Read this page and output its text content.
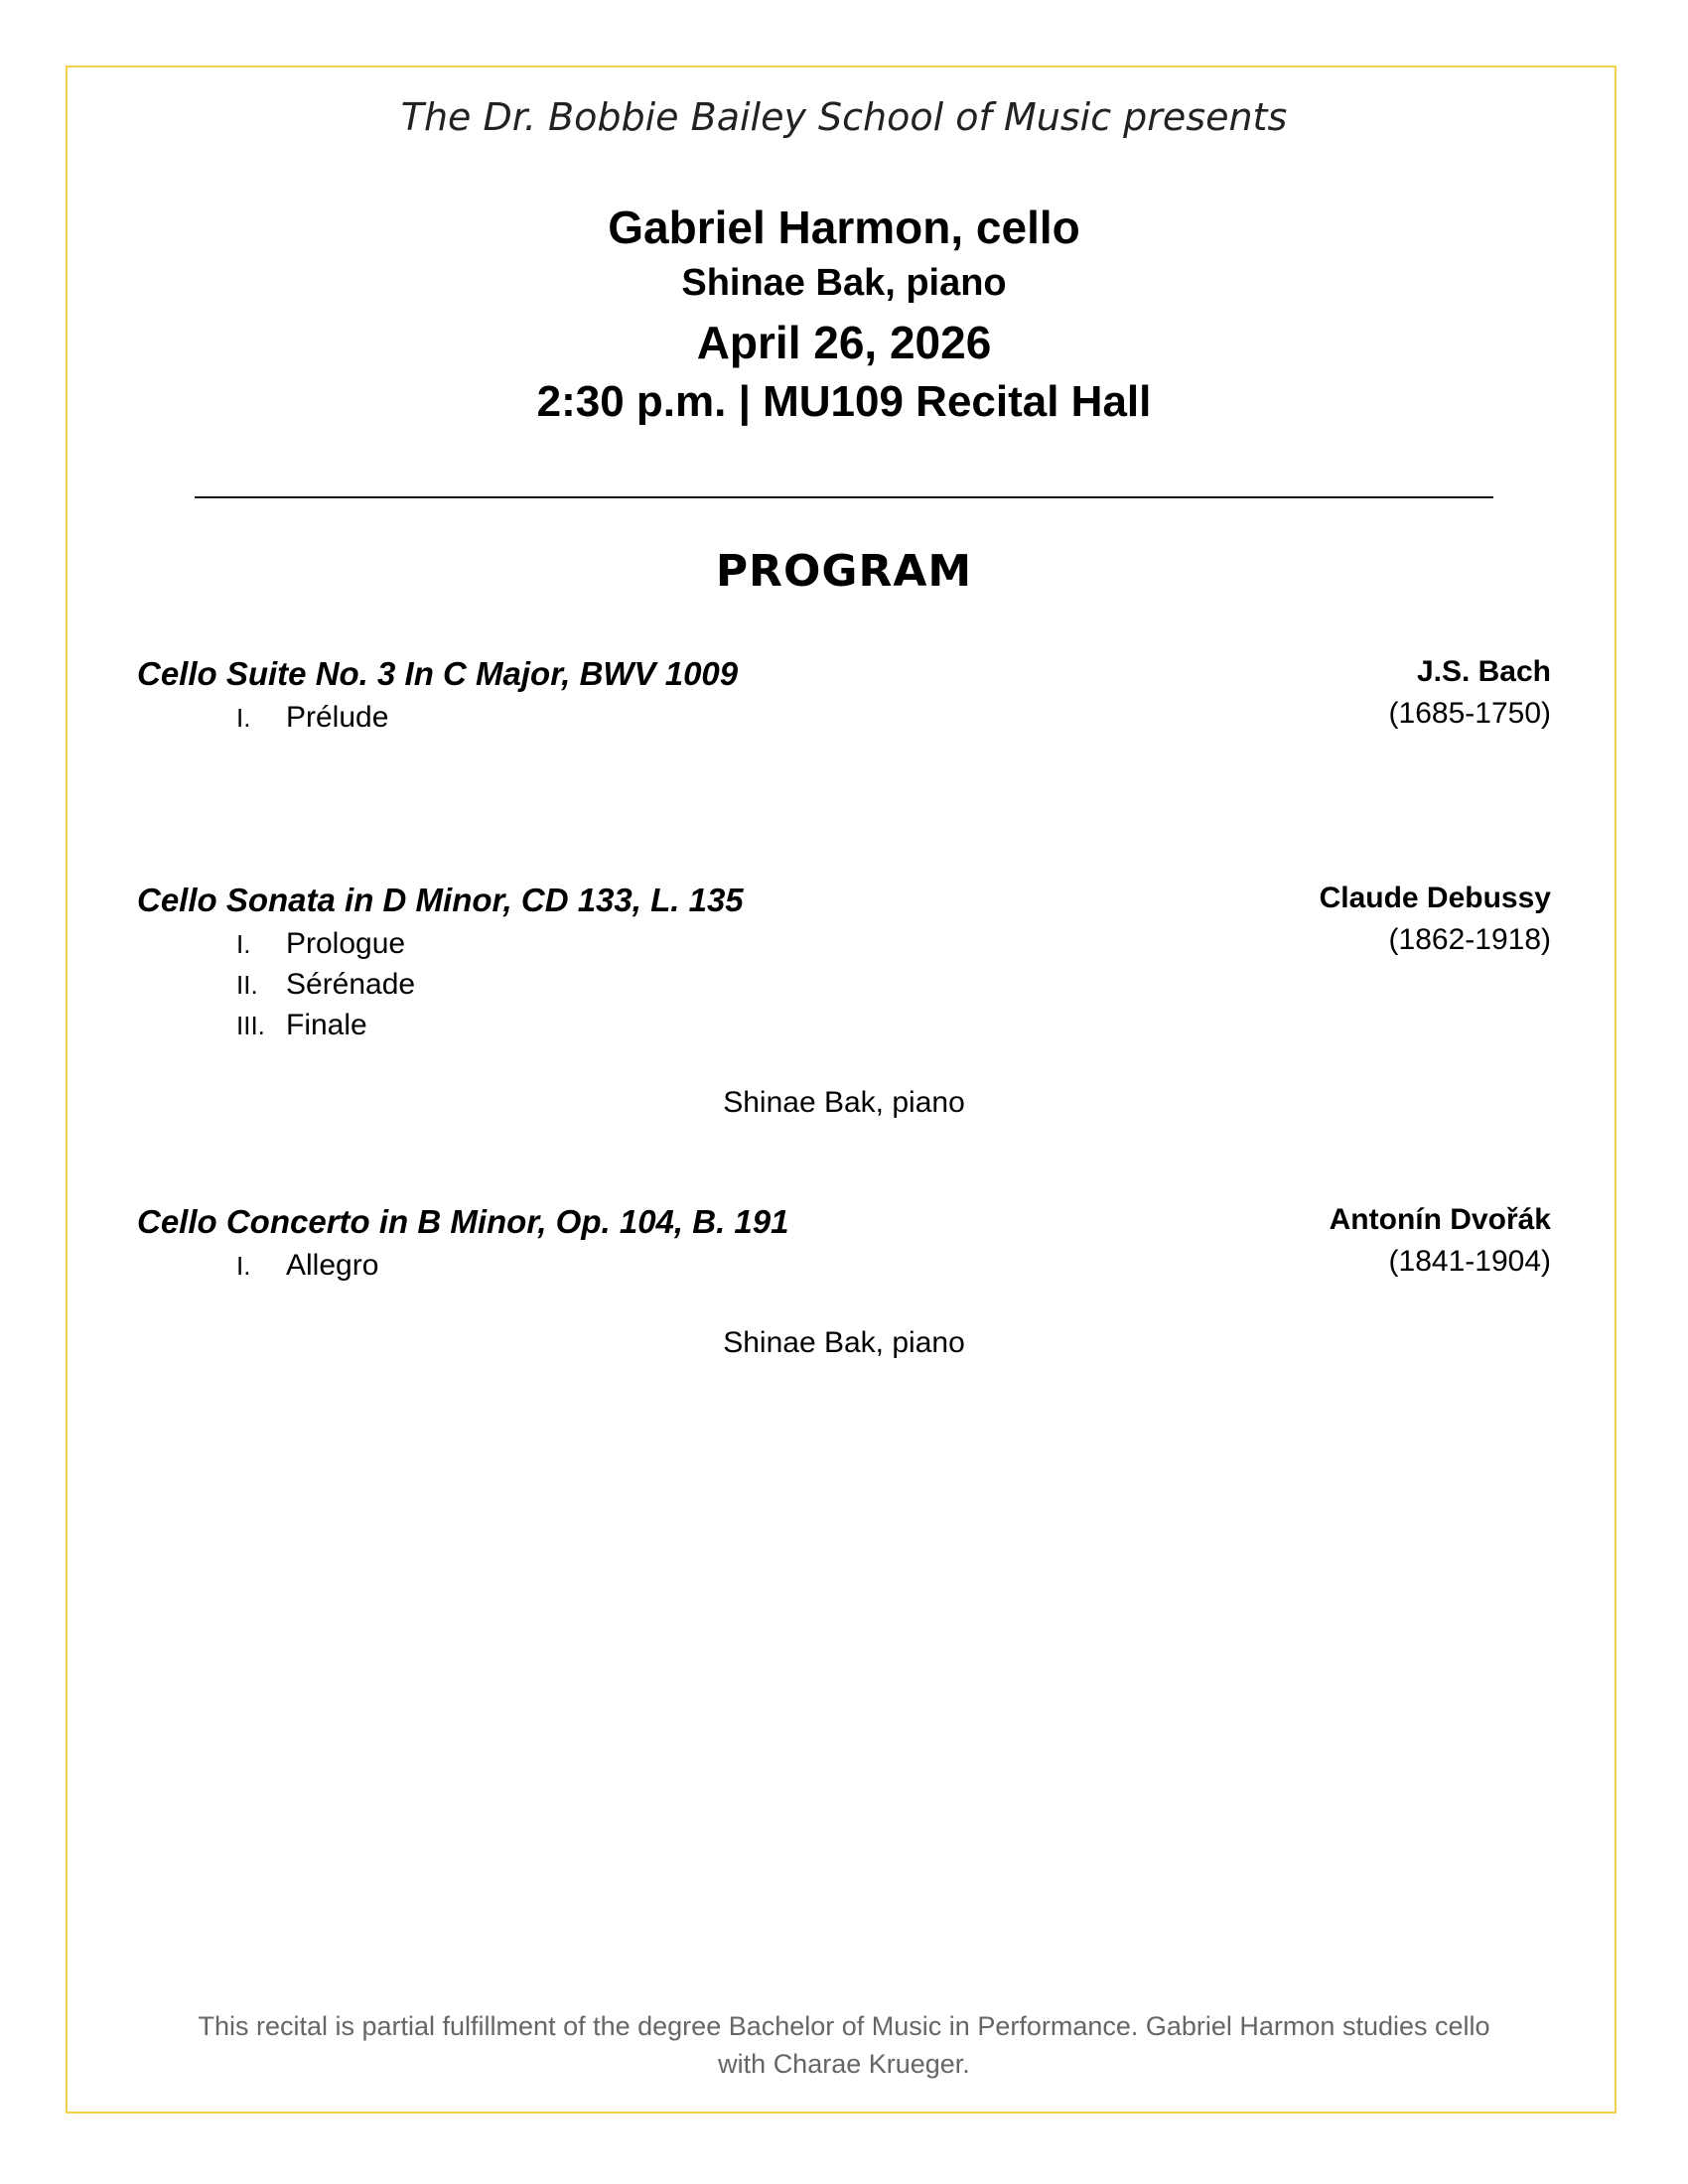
The Dr. Bobbie Bailey School of Music presents
Gabriel Harmon, cello
Shinae Bak, piano
April 26, 2026
2:30 p.m. | MU109 Recital Hall
PROGRAM
Cello Suite No. 3 In C Major, BWV 1009	J.S. Bach
(1685-1750)
I. Prélude
Cello Sonata in D Minor, CD 133, L. 135	Claude Debussy
(1862-1918)
I. Prologue
II. Sérénade
III. Finale
Shinae Bak, piano
Cello Concerto in B Minor, Op. 104, B. 191	Antonín Dvořák
(1841-1904)
I. Allegro
Shinae Bak, piano
This recital is partial fulfillment of the degree Bachelor of Music in Performance. Gabriel Harmon studies cello with Charae Krueger.
